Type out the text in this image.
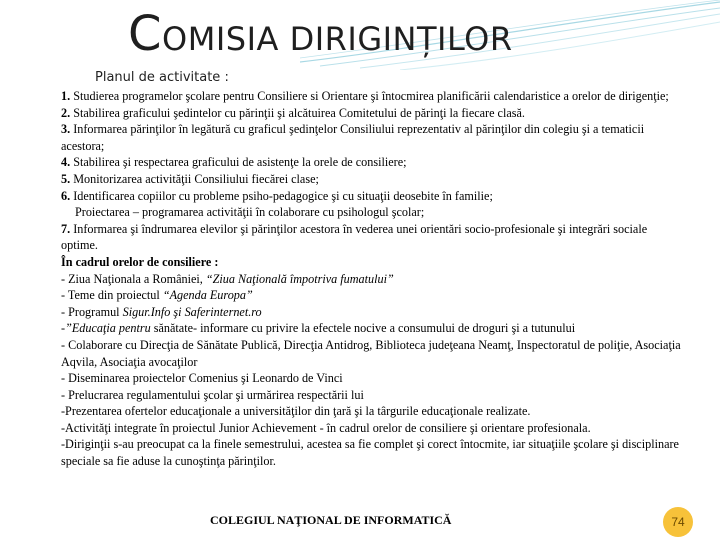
COMISIA DIRIGINȚILOR
Planul de activitate :

1. Studierea programelor şcolare pentru Consiliere si Orientare şi întocmirea planificării calendaristice a orelor de dirigenţie;

2. Stabilirea graficului şedintelor cu părinţii şi alcătuirea Comitetului de părinţi la fiecare clasă.

3. Informarea părinţilor în legătură cu graficul şedinţelor Consiliului reprezentativ al părinţilor din colegiu şi a tematicii acestora;

4. Stabilirea şi respectarea graficului de asistenţe la orele de consiliere;

5. Monitorizarea activităţii Consiliului fiecărei clase;

6. Identificarea copiilor cu probleme psiho-pedagogice şi cu situaţii deosebite în familie;

Proiectarea – programarea activităţii în colaborare cu psihologul şcolar;

7. Informarea şi îndrumarea elevilor şi părinţilor acestora în vederea unei orientări socio-profesionale şi integrări sociale optime.

În cadrul orelor de consiliere :

- Ziua Naţionala a României, “Ziua Naţională împotriva fumatului”

- Teme din proiectul “Agenda Europa”

- Programul Sigur.Info şi Saferinternet.ro

-”Educaţia pentru sănătate- informare cu privire la efectele nocive a consumului de droguri şi a tutunului

- Colaborare cu Direcţia de Sănătate Publică, Direcţia Antidrog, Biblioteca judeţeana Neamţ, Inspectoratul de poliţie, Asociaţia Aqvila, Asociaţia avocaţilor

- Diseminarea proiectelor Comenius şi Leonardo de Vinci

- Prelucrarea regulamentului şcolar şi urmărirea respectării lui

-Prezentarea ofertelor educaţionale a universităţilor din ţară şi la târgurile educaţionale realizate.

-Activităţi integrate în proiectul Junior Achievement - în cadrul orelor de consiliere şi orientare profesionala.

-Diriginţii s-au preocupat ca la finele semestrului, acestea sa fie complet şi corect întocmite, iar situaţiile şcolare şi disciplinare speciale sa fie aduse la cunoştinţa părinţilor.

COLEGIUL NAŢIONAL DE INFORMATICĂ	74
